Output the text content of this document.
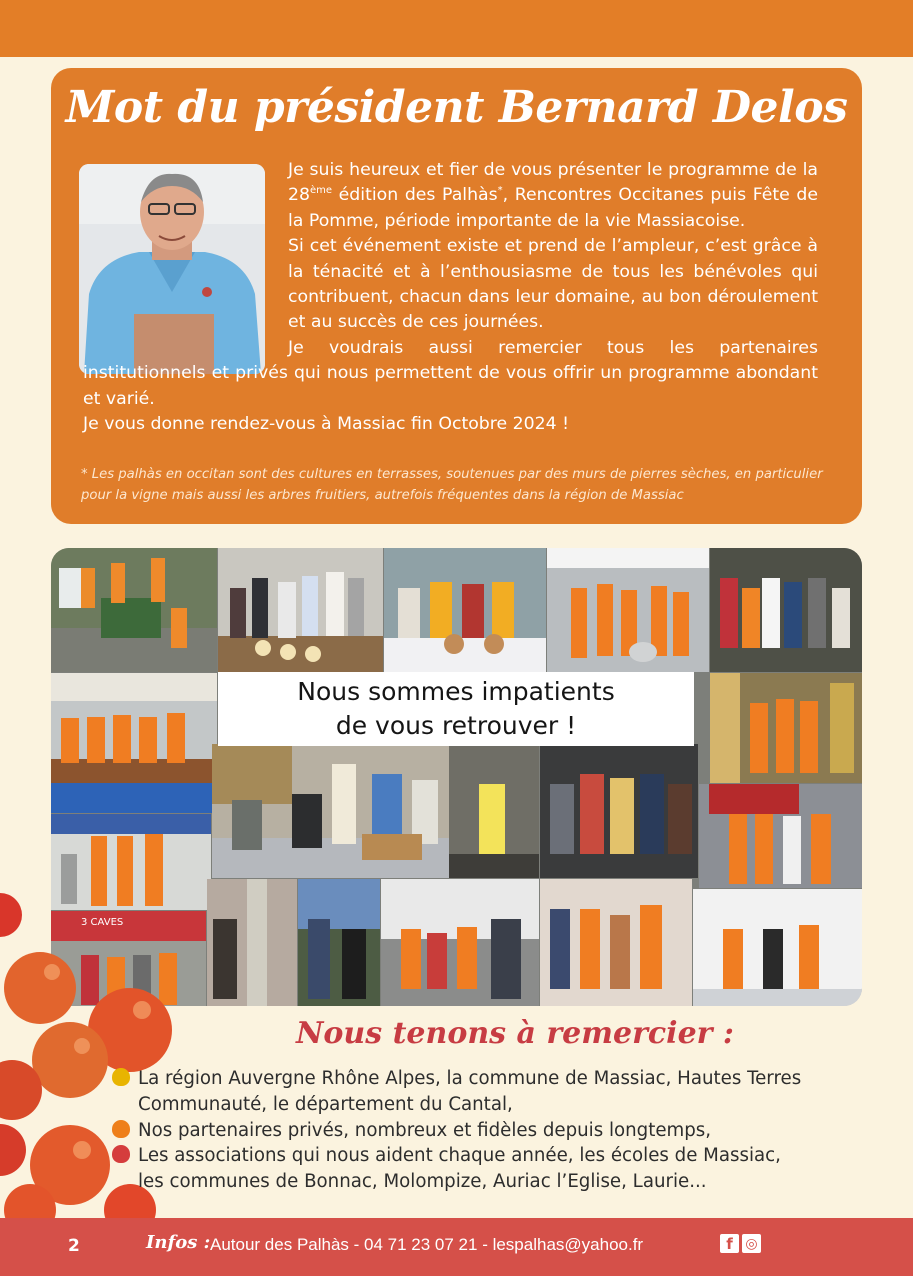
Mot du président Bernard Delos

Je suis heureux et fier de vous présenter le programme de la 28ème édition des Palhàs*, Rencontres Occitanes puis Fête de la Pomme, période importante de la vie Massiacoise.

Si cet événement existe et prend de l’ampleur, c’est grâce à la ténacité et à l’enthousiasme de tous les bénévoles qui contribuent, chacun dans leur domaine, au bon déroulement et au succès de ces journées.

Je voudrais aussi remercier tous les partenaires institutionnels et privés qui nous permettent de vous offrir un programme abondant et varié.

Je vous donne rendez-vous à Massiac fin Octobre 2024 !

* Les palhàs en occitan sont des cultures en terrasses, soutenues par des murs de pierres sèches, en particulier pour la vigne mais aussi les arbres fruitiers, autrefois fréquentes dans la région de Massiac
3 CAVES
Nous sommes impatients
de vous retrouver !
Nous tenons à remercier :
La région Auvergne Rhône Alpes, la commune de Massiac, Hautes Terres
Communauté, le département du Cantal,
Nos partenaires privés, nombreux et fidèles depuis longtemps,
Les associations qui nous aident chaque année, les écoles de Massiac,
les communes de Bonnac, Molompize, Auriac l’Eglise, Laurie...
2	Infos : Autour des Palhàs - 04 71 23 07 21 - lespalhas@yahoo.fr	f ◎
